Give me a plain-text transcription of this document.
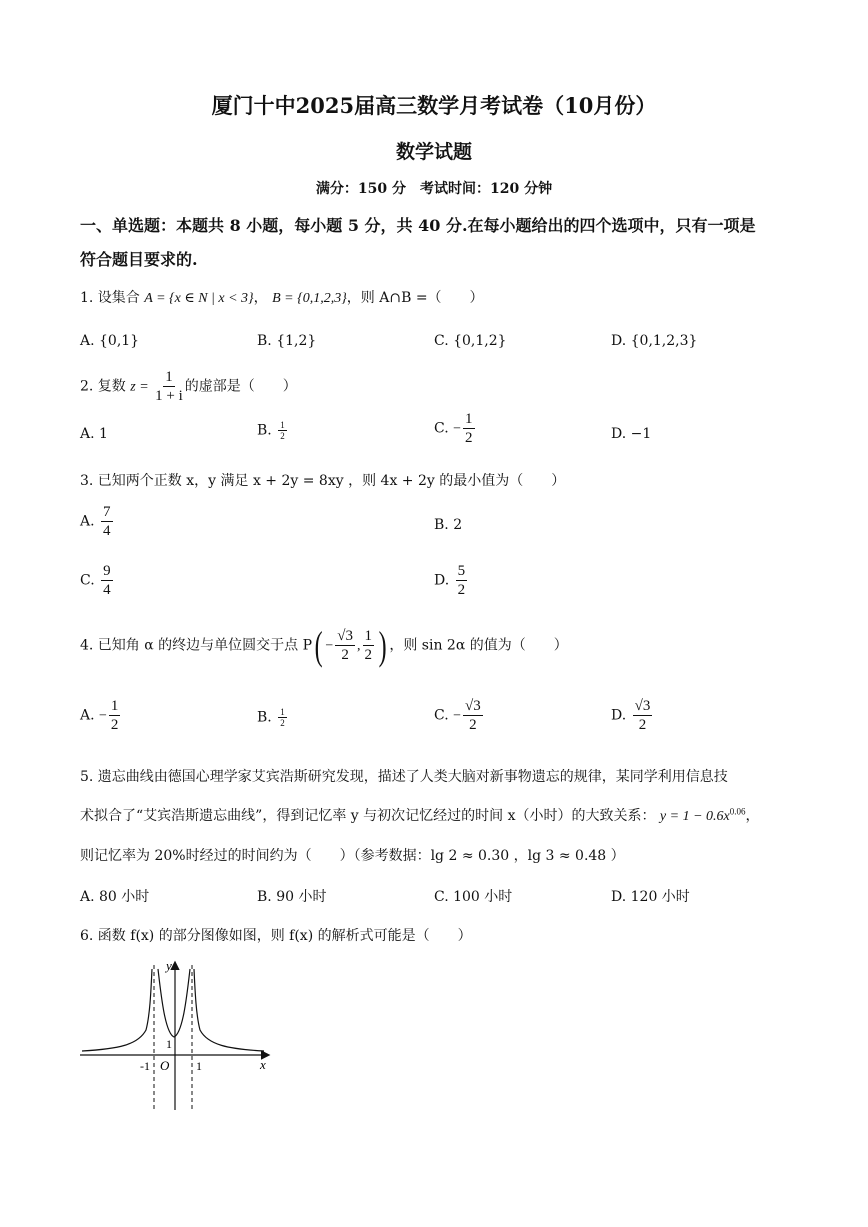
厦门十中2025届高三数学月考试卷（10月份）
数学试题
满分：150 分　考试时间：120 分钟
一、单选题：本题共 8 小题，每小题 5 分，共 40 分.在每小题给出的四个选项中，只有一项是
符合题目要求的.
1. 设集合 A = {x ∈ N | x < 3}， B = {0,1,2,3}，则 A∩B =（　　）
A. {0,1}	B. {1,2}	C. {0,1,2}	D. {0,1,2,3}
2. 复数 $z = \frac{1}{1 + i}$ 的虚部是（　　）
A. 1	B. $\frac{1}{2}$	C. − $\frac{1}{2}$	D. −1
3. 已知两个正数 x，y 满足 x + 2y = 8xy ，则 4x + 2y 的最小值为（　　）
A. $\frac{7}{4}$	B. 2
C. $\frac{9}{4}$	D. $\frac{5}{2}$
4. 已知角 α 的终边与单位圆交于点 $P( - \frac{√3}{2}$ , $\frac{1}{2}$ ) ，则 sin 2α 的值为（　　）
A. − $\frac{1}{2}$	B. $\frac{1}{2}$	C. − $\frac{√3}{2}$	D. $\frac{√3}{2}$
5. 遗忘曲线由德国心理学家艾宾浩斯研究发现，描述了人类大脑对新事物遗忘的规律，某同学利用信息技
术拟合了“艾宾浩斯遗忘曲线”，得到记忆率 y 与初次记忆经过的时间 x（小时）的大致关系： $y = 1 - 0.6x^{0.06}$，
则记忆率为 20%时经过的时间约为（　　）（参考数据：lg 2 ≈ 0.30 ，lg 3 ≈ 0.48 ）
A. 80 小时	B. 90 小时	C. 100 小时	D. 120 小时
6. 函数 f(x) 的部分图像如图，则 f(x) 的解析式可能是（　　）
y
x
1
-1 O 1
